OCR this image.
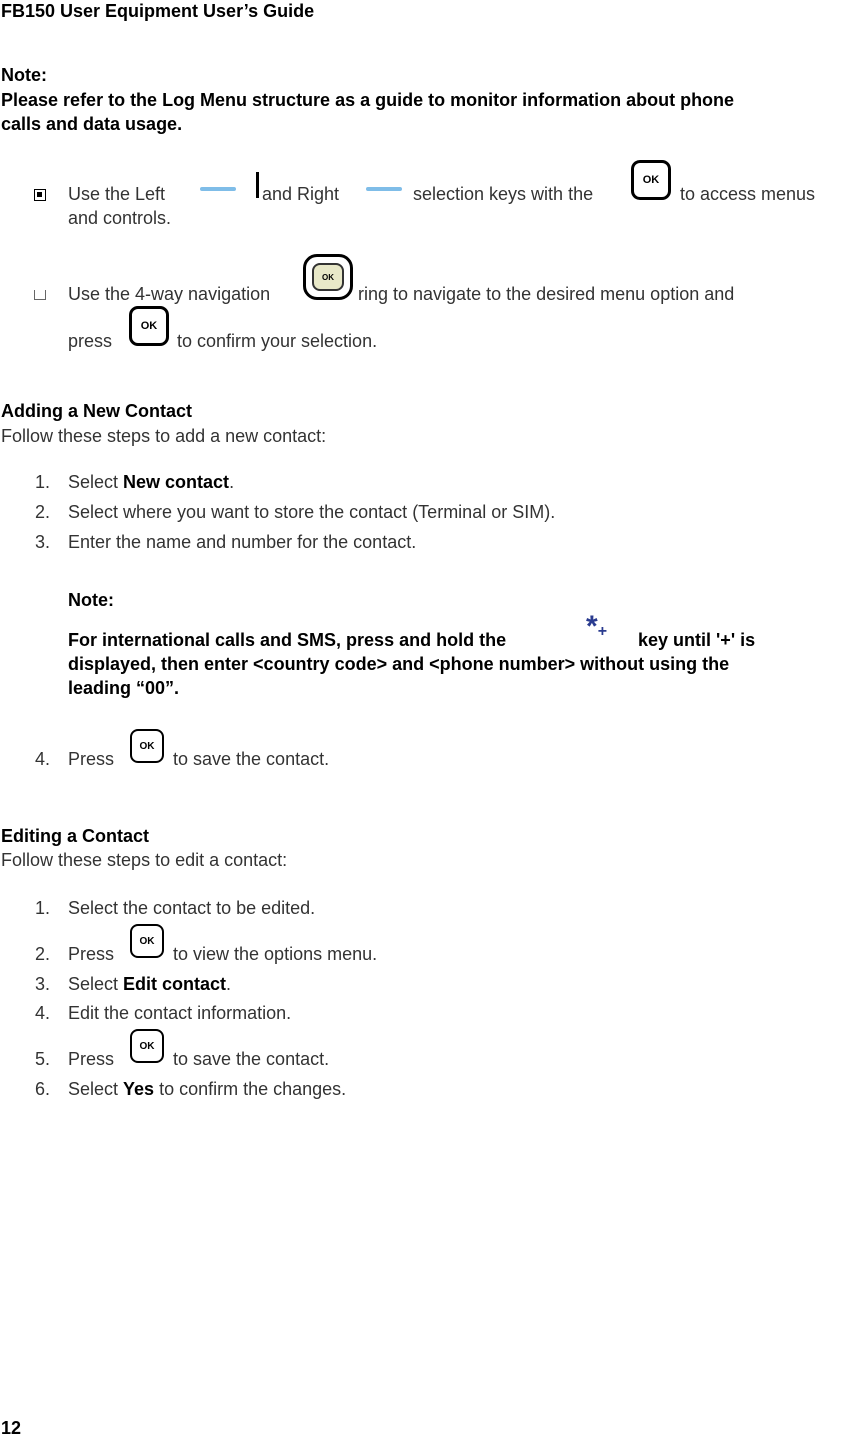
FB150 User Equipment User’s Guide
Note:
Please refer to the Log Menu structure as a guide to monitor information about phone
calls and data usage.
Use the Left	and Right	selection keys with the
OK
to access menus
and controls.
Use the 4-way navigation
OK
ring to navigate to the desired menu option and
press
OK
to confirm your selection.
Adding a New Contact
Follow these steps to add a new contact:
1. Select New contact.
2. Select where you want to store the contact (Terminal or SIM).
3. Enter the name and number for the contact.
Note:
For international calls and SMS, press and hold the	*+ key until '+' is
displayed, then enter <country code> and <phone number> without using the
leading “00”.
4. Press
OK
to save the contact.
Editing a Contact
Follow these steps to edit a contact:
1. Select the contact to be edited.
2. Press
OK
to view the options menu.
3. Select Edit contact.
4. Edit the contact information.
5. Press
OK
to save the contact.
6. Select Yes to confirm the changes.
12
